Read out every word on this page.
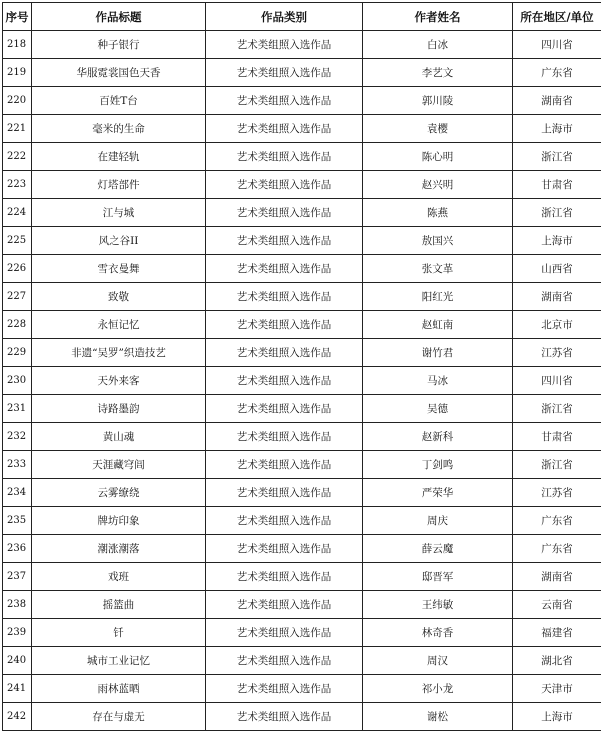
序号	作品标题	作品类别	作者姓名	所在地区/单位
218	种子银行	艺术类组照入选作品	白冰	四川省
219	华服霓裳国色天香	艺术类组照入选作品	李艺文	广东省
220	百姓T台	艺术类组照入选作品	郭川陵	湖南省
221	毫米的生命	艺术类组照入选作品	袁樱	上海市
222	在建轻轨	艺术类组照入选作品	陈心明	浙江省
223	灯塔部件	艺术类组照入选作品	赵兴明	甘肃省
224	江与城	艺术类组照入选作品	陈燕	浙江省
225	风之谷II	艺术类组照入选作品	敖国兴	上海市
226	雪衣曼舞	艺术类组照入选作品	张文革	山西省
227	致敬	艺术类组照入选作品	阳红光	湖南省
228	永恒记忆	艺术类组照入选作品	赵虹南	北京市
229	非遗“吴罗”织造技艺	艺术类组照入选作品	谢竹君	江苏省
230	天外来客	艺术类组照入选作品	马冰	四川省
231	诗路墨韵	艺术类组照入选作品	吴德	浙江省
232	黄山魂	艺术类组照入选作品	赵新科	甘肃省
233	天涯藏穹闾	艺术类组照入选作品	丁剑鸣	浙江省
234	云雾缭绕	艺术类组照入选作品	严荣华	江苏省
235	牌坊印象	艺术类组照入选作品	周庆	广东省
236	潮涨潮落	艺术类组照入选作品	薛云魔	广东省
237	戏班	艺术类组照入选作品	邸晋军	湖南省
238	摇篮曲	艺术类组照入选作品	王纬敏	云南省
239	钎	艺术类组照入选作品	林奇香	福建省
240	城市工业记忆	艺术类组照入选作品	周汉	湖北省
241	雨林蓝晒	艺术类组照入选作品	祁小龙	天津市
242	存在与虚无	艺术类组照入选作品	谢松	上海市
